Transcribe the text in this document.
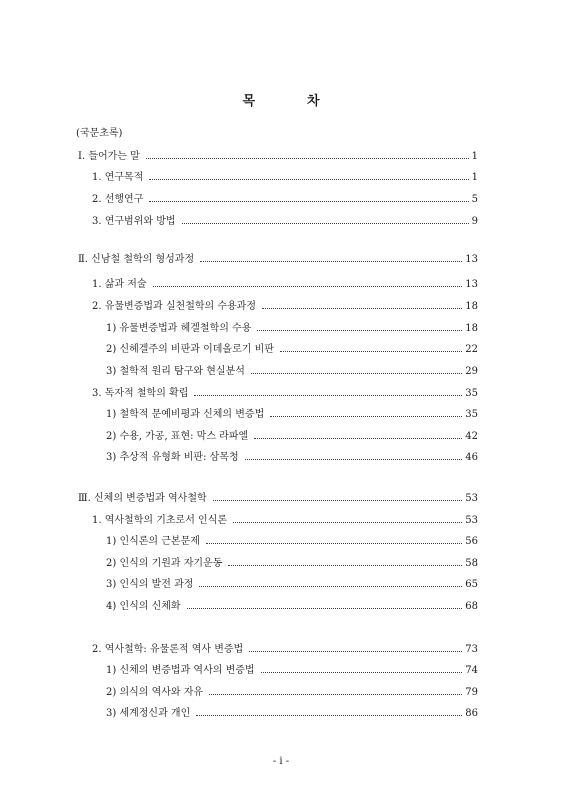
목	차
(국문초록)
Ⅰ. 들어가는 말	1
1. 연구목적	1
2. 선행연구	5
3. 연구범위와 방법	9
Ⅱ. 신남철 철학의 형성과정	13
1. 삶과 저술	13
2. 유물변증법과 실천철학의 수용과정	18
1) 유물변증법과 헤겔철학의 수용	18
2) 신헤겔주의 비판과 이데올로기 비판	22
3) 철학적 원리 탐구와 현실분석	29
3. 독자적 철학의 확립	35
1) 철학적 문예비평과 신체의 변증법	35
2) 수용, 가공, 표현: 막스 라파엘	42
3) 추상적 유형화 비판: 삼목청	46
Ⅲ. 신체의 변증법과 역사철학	53
1. 역사철학의 기초로서 인식론	53
1) 인식론의 근본문제	56
2) 인식의 기원과 자기운동	58
3) 인식의 발전 과정	65
4) 인식의 신체화	68
2. 역사철학: 유물론적 역사 변증법	73
1) 신체의 변증법과 역사의 변증법	74
2) 의식의 역사와 자유	79
3) 세계정신과 개인	86
- i -
